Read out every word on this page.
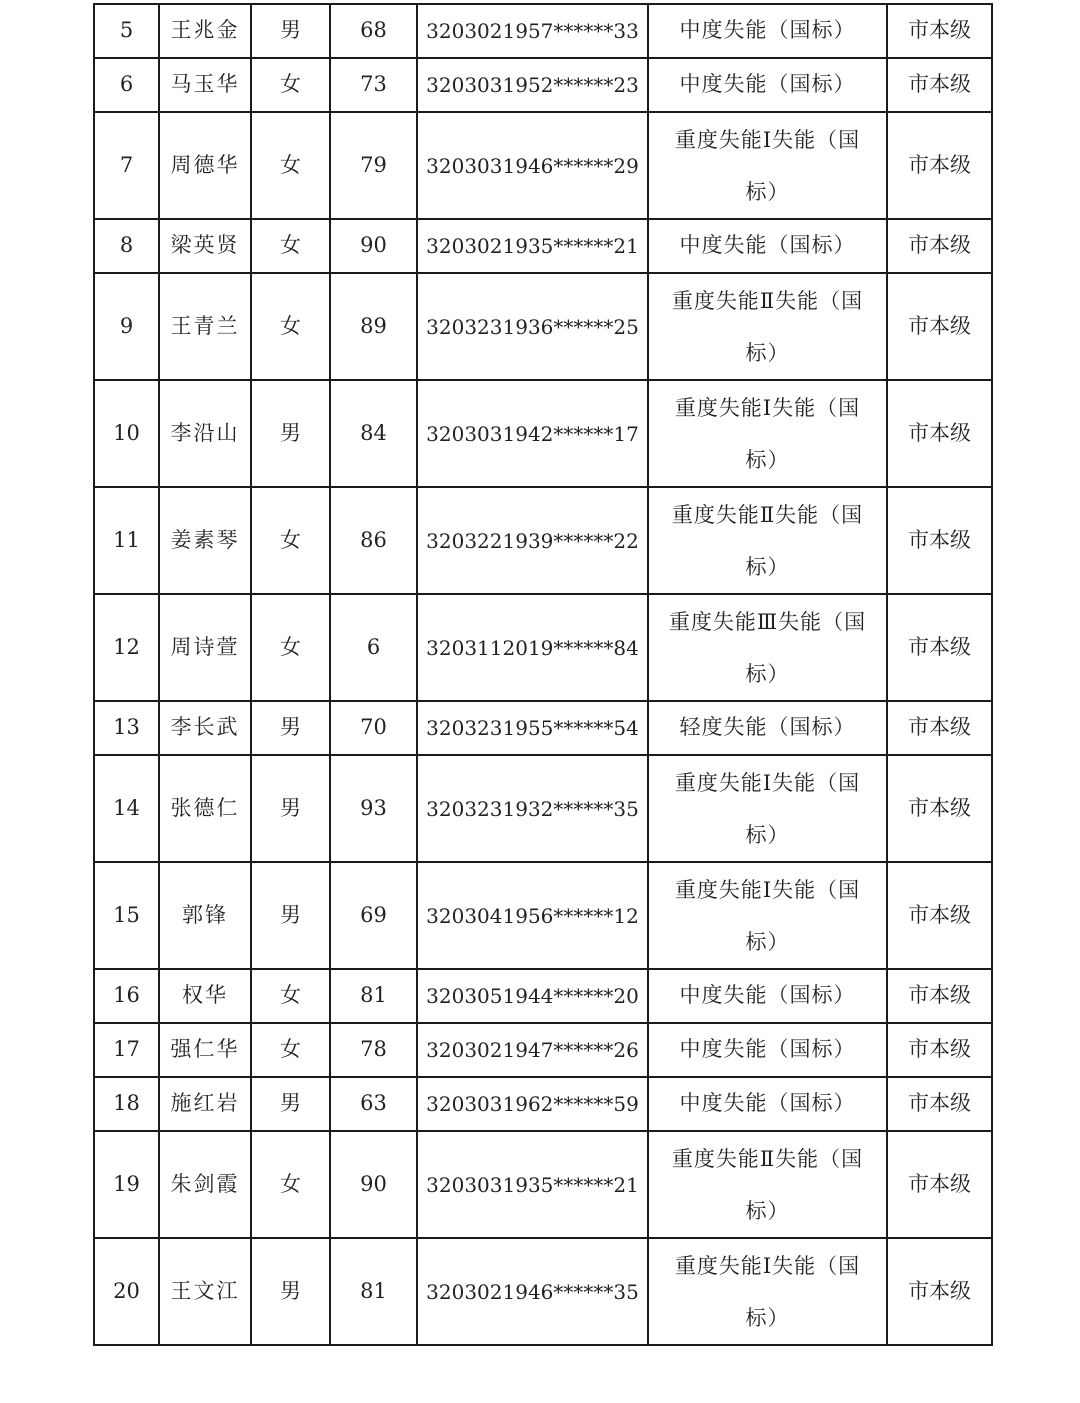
5	王兆金	男	68	3203021957******33	中度失能（国标）	市本级
6	马玉华	女	73	3203031952******23	中度失能（国标）	市本级
7	周德华	女	79	3203031946******29	重度失能Ⅰ失能（国标）	市本级
8	梁英贤	女	90	3203021935******21	中度失能（国标）	市本级
9	王青兰	女	89	3203231936******25	重度失能Ⅱ失能（国标）	市本级
10	李沿山	男	84	3203031942******17	重度失能Ⅰ失能（国标）	市本级
11	姜素琴	女	86	3203221939******22	重度失能Ⅱ失能（国标）	市本级
12	周诗萱	女	6	3203112019******84	重度失能Ⅲ失能（国标）	市本级
13	李长武	男	70	3203231955******54	轻度失能（国标）	市本级
14	张德仁	男	93	3203231932******35	重度失能Ⅰ失能（国标）	市本级
15	郭锋	男	69	3203041956******12	重度失能Ⅰ失能（国标）	市本级
16	权华	女	81	3203051944******20	中度失能（国标）	市本级
17	强仁华	女	78	3203021947******26	中度失能（国标）	市本级
18	施红岩	男	63	3203031962******59	中度失能（国标）	市本级
19	朱剑霞	女	90	3203031935******21	重度失能Ⅱ失能（国标）	市本级
20	王文江	男	81	3203021946******35	重度失能Ⅰ失能（国标）	市本级
